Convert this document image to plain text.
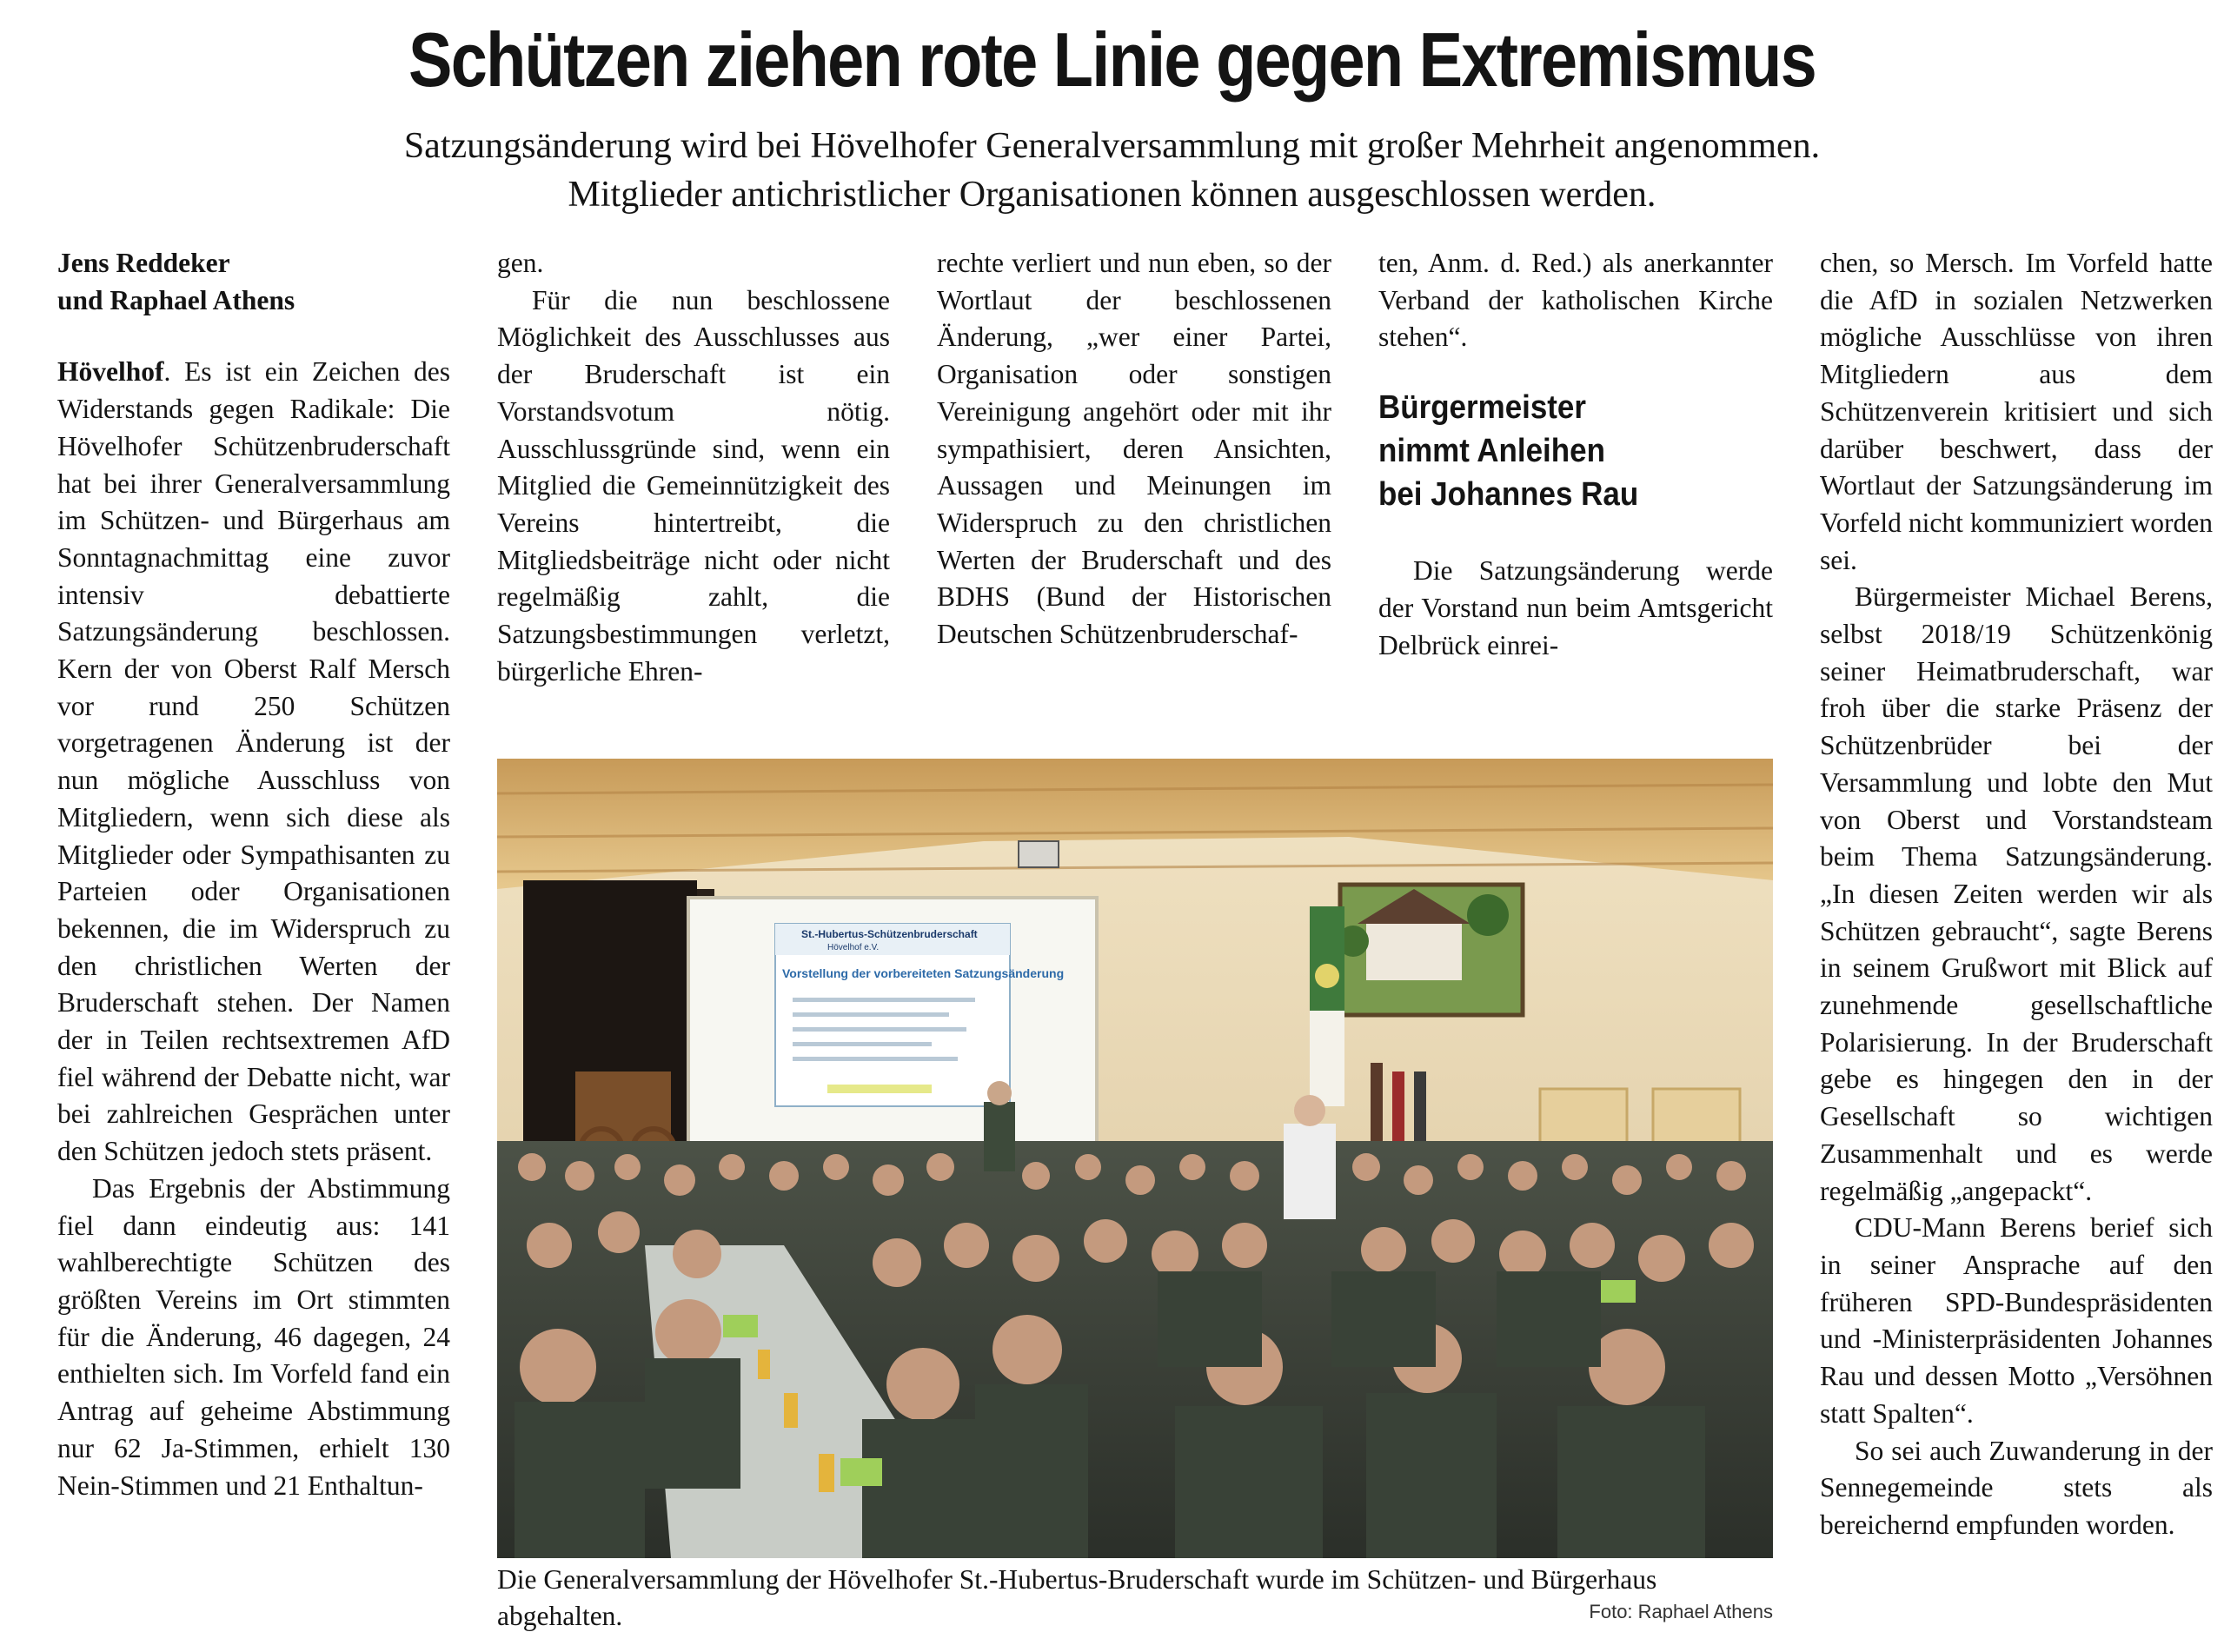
Schützen ziehen rote Linie gegen Extremismus
Satzungsänderung wird bei Hövelhofer Generalversammlung mit großer Mehrheit angenommen.
Mitglieder antichristlicher Organisationen können ausgeschlossen werden.

Jens Reddeker

und Raphael Athens

Hövelhof. Es ist ein Zeichen des Widerstands gegen Radikale: Die Hövelhofer Schützenbruderschaft hat bei ihrer Generalversammlung im Schützen- und Bürgerhaus am Sonntagnachmittag eine zuvor intensiv debattierte Satzungsänderung beschlossen. Kern der von Oberst Ralf Mersch vor rund 250 Schützen vorgetragenen Änderung ist der nun mögliche Ausschluss von Mitgliedern, wenn sich diese als Mitglieder oder Sympathisanten zu Parteien oder Organisationen bekennen, die im Widerspruch zu den christlichen Werten der Bruderschaft stehen. Der Namen der in Teilen rechtsextremen AfD fiel während der Debatte nicht, war bei zahlreichen Gesprächen unter den Schützen jedoch stets präsent.

Das Ergebnis der Abstimmung fiel dann eindeutig aus: 141 wahlberechtigte Schützen des größten Vereins im Ort stimmten für die Änderung, 46 dagegen, 24 enthielten sich. Im Vorfeld fand ein Antrag auf geheime Abstimmung nur 62 Ja-Stimmen, erhielt 130 Nein-Stimmen und 21 Enthaltun-

gen.

Für die nun beschlossene Möglichkeit des Ausschlusses aus der Bruderschaft ist ein Vorstandsvotum nötig. Ausschlussgründe sind, wenn ein Mitglied die Gemeinnützigkeit des Vereins hintertreibt, die Mitgliedsbeiträge nicht oder nicht regelmäßig zahlt, die Satzungsbestimmungen verletzt, bürgerliche Ehren-

rechte verliert und nun eben, so der Wortlaut der beschlossenen Änderung, „wer einer Partei, Organisation oder sonstigen Vereinigung angehört oder mit ihr sympathisiert, deren Ansichten, Aussagen und Meinungen im Widerspruch zu den christlichen Werten der Bruderschaft und des BDHS (Bund der Historischen Deutschen Schützenbruderschaf-

ten, Anm. d. Red.) als anerkannter Verband der katholischen Kirche stehen“.

Bürgermeister
nimmt Anleihen
bei Johannes Rau

Die Satzungsänderung werde der Vorstand nun beim Amtsgericht Delbrück einrei-

chen, so Mersch. Im Vorfeld hatte die AfD in sozialen Netzwerken mögliche Ausschlüsse von ihren Mitgliedern aus dem Schützenverein kritisiert und sich darüber beschwert, dass der Wortlaut der Satzungsänderung im Vorfeld nicht kommuniziert worden sei.

Bürgermeister Michael Berens, selbst 2018/19 Schützenkönig seiner Heimatbruderschaft, war froh über die starke Präsenz der Schützenbrüder bei der Versammlung und lobte den Mut von Oberst und Vorstandsteam beim Thema Satzungsänderung. „In diesen Zeiten werden wir als Schützen gebraucht“, sagte Berens in seinem Grußwort mit Blick auf zunehmende gesellschaftliche Polarisierung. In der Bruderschaft gebe es hingegen den in der Gesellschaft so wichtigen Zusammenhalt und es werde regelmäßig „angepackt“.

CDU-Mann Berens berief sich in seiner Ansprache auf den früheren SPD-Bundespräsidenten und -Ministerpräsidenten Johannes Rau und dessen Motto „Versöhnen statt Spalten“.

So sei auch Zuwanderung in der Sennegemeinde stets als bereichernd empfunden worden.

St.-Hubertus-Schützenbruderschaft
Hövelhof e.V.
Vorstellung der vorbereiteten Satzungsänderung
Die Generalversammlung der Hövelhofer St.-Hubertus-Bruderschaft wurde im Schützen- und Bürgerhaus abgehalten.	Foto: Raphael Athens
